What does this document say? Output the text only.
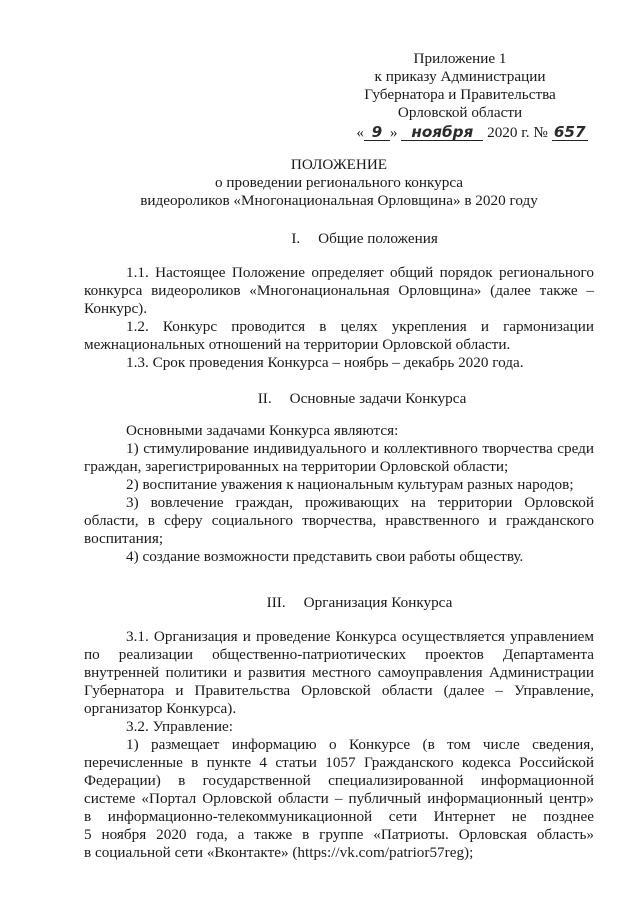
Приложение 1
к приказу Администрации
Губернатора и Правительства
Орловской области
« 9 » ноября 2020 г. № 657
ПОЛОЖЕНИЕ
о проведении регионального конкурса
видеороликов «Многонациональная Орловщина» в 2020 году
I. Общие положения
1.1. Настоящее Положение определяет общий порядок регионального
конкурса видеороликов «Многонациональная Орловщина» (далее также –
Конкурс).
1.2. Конкурс проводится в целях укрепления и гармонизации
межнациональных отношений на территории Орловской области.
1.3. Срок проведения Конкурса – ноябрь – декабрь 2020 года.
II. Основные задачи Конкурса
Основными задачами Конкурса являются:
1) стимулирование индивидуального и коллективного творчества среди
граждан, зарегистрированных на территории Орловской области;
2) воспитание уважения к национальным культурам разных народов;
3) вовлечение граждан, проживающих на территории Орловской
области, в сферу социального творчества, нравственного и гражданского
воспитания;
4) создание возможности представить свои работы обществу.
III. Организация Конкурса
3.1. Организация и проведение Конкурса осуществляется управлением
по реализации общественно-патриотических проектов Департамента
внутренней политики и развития местного самоуправления Администрации
Губернатора и Правительства Орловской области (далее – Управление,
организатор Конкурса).
3.2. Управление:
1) размещает информацию о Конкурсе (в том числе сведения,
перечисленные в пункте 4 статьи 1057 Гражданского кодекса Российской
Федерации) в государственной специализированной информационной
системе «Портал Орловской области – публичный информационный центр»
в информационно-телекоммуникационной сети Интернет не позднее
5 ноября 2020 года, а также в группе «Патриоты. Орловская область»
в социальной сети «Вконтакте» (https://vk.com/patrior57reg);
